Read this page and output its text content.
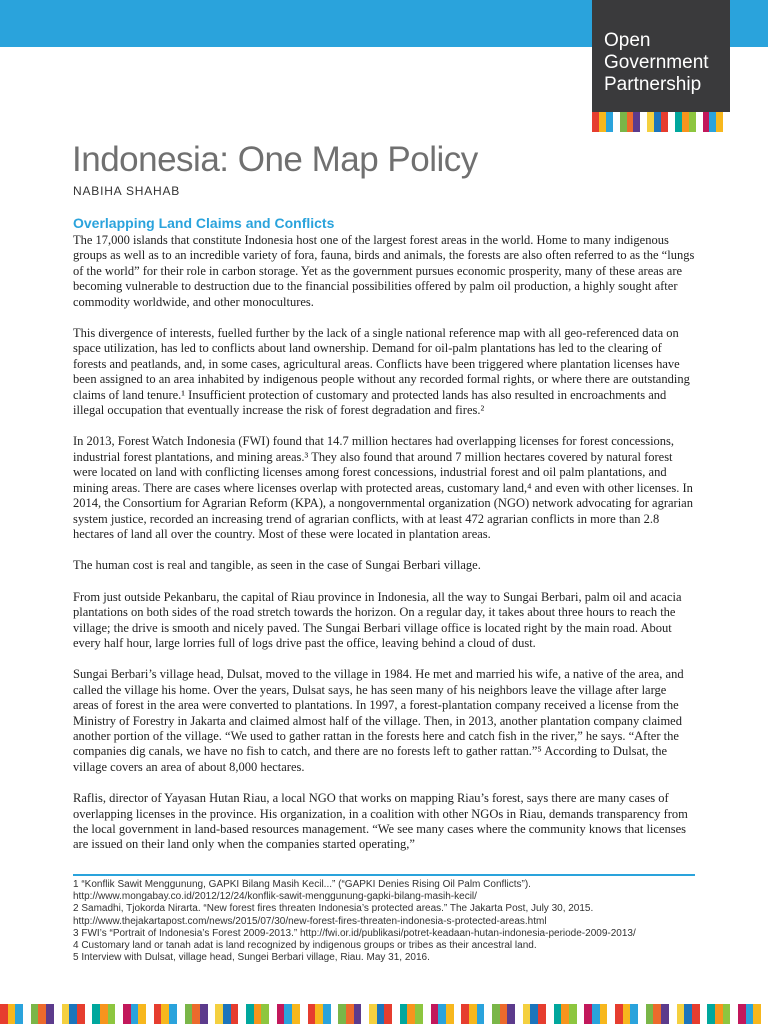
Open
Government
Partnership
Indonesia: One Map Policy
NABIHA SHAHAB
Overlapping Land Claims and Conflicts

The 17,000 islands that constitute Indonesia host one of the largest forest areas in the world. Home to many indigenous groups as well as to an incredible variety of fora, fauna, birds and animals, the forests are also often referred to as the “lungs of the world” for their role in carbon storage. Yet as the government pursues economic prosperity, many of these areas are becoming vulnerable to destruction due to the financial possibilities offered by palm oil production, a highly sought after commodity worldwide, and other monocultures.

This divergence of interests, fuelled further by the lack of a single national reference map with all geo-referenced data on space utilization, has led to conflicts about land ownership. Demand for oil-palm plantations has led to the clearing of forests and peatlands, and, in some cases, agricultural areas. Conflicts have been triggered where plantation licenses have been assigned to an area inhabited by indigenous people without any recorded formal rights, or where there are outstanding claims of land tenure.¹ Insufficient protection of customary and protected lands has also resulted in encroachments and illegal occupation that eventually increase the risk of forest degradation and fires.²

In 2013, Forest Watch Indonesia (FWI) found that 14.7 million hectares had overlapping licenses for forest concessions, industrial forest plantations, and mining areas.³ They also found that around 7 million hectares covered by natural forest were located on land with conflicting licenses among forest concessions, industrial forest and oil palm plantations, and mining areas. There are cases where licenses overlap with protected areas, customary land,⁴ and even with other licenses. In 2014, the Consortium for Agrarian Reform (KPA), a nongovernmental organization (NGO) network advocating for agrarian system justice, recorded an increasing trend of agrarian conflicts, with at least 472 agrarian conflicts in more than 2.8 hectares of land all over the country. Most of these were located in plantation areas.

The human cost is real and tangible, as seen in the case of Sungai Berbari village.

From just outside Pekanbaru, the capital of Riau province in Indonesia, all the way to Sungai Berbari, palm oil and acacia plantations on both sides of the road stretch towards the horizon. On a regular day, it takes about three hours to reach the village; the drive is smooth and nicely paved. The Sungai Berbari village office is located right by the main road. About every half hour, large lorries full of logs drive past the office, leaving behind a cloud of dust.

Sungai Berbari’s village head, Dulsat, moved to the village in 1984. He met and married his wife, a native of the area, and called the village his home. Over the years, Dulsat says, he has seen many of his neighbors leave the village after large areas of forest in the area were converted to plantations. In 1997, a forest-plantation company received a license from the Ministry of Forestry in Jakarta and claimed almost half of the village. Then, in 2013, another plantation company claimed another portion of the village. “We used to gather rattan in the forests here and catch fish in the river,” he says. “After the companies dig canals, we have no fish to catch, and there are no forests left to gather rattan.”⁵ According to Dulsat, the village covers an area of about 8,000 hectares.

Raflis, director of Yayasan Hutan Riau, a local NGO that works on mapping Riau’s forest, says there are many cases of overlapping licenses in the province. His organization, in a coalition with other NGOs in Riau, demands transparency from the local government in land-based resources management. “We see many cases where the community knows that licenses are issued on their land only when the companies started operating,”

1 “Konflik Sawit Menggunung, GAPKI Bilang Masih Kecil...” (“GAPKI Denies Rising Oil Palm Conflicts”). http://www.mongabay.co.id/2012/12/24/konflik-sawit-menggunung-gapki-bilang-masih-kecil/
2 Samadhi, Tjokorda Nirarta. “New forest fires threaten Indonesia’s protected areas.” The Jakarta Post, July 30, 2015. http://www.thejakartapost.com/news/2015/07/30/new-forest-fires-threaten-indonesia-s-protected-areas.html
3 FWI’s “Portrait of Indonesia’s Forest 2009-2013.” http://fwi.or.id/publikasi/potret-keadaan-hutan-indonesia-periode-2009-2013/
4 Customary land or tanah adat is land recognized by indigenous groups or tribes as their ancestral land.
5 Interview with Dulsat, village head, Sungei Berbari village, Riau. May 31, 2016.
